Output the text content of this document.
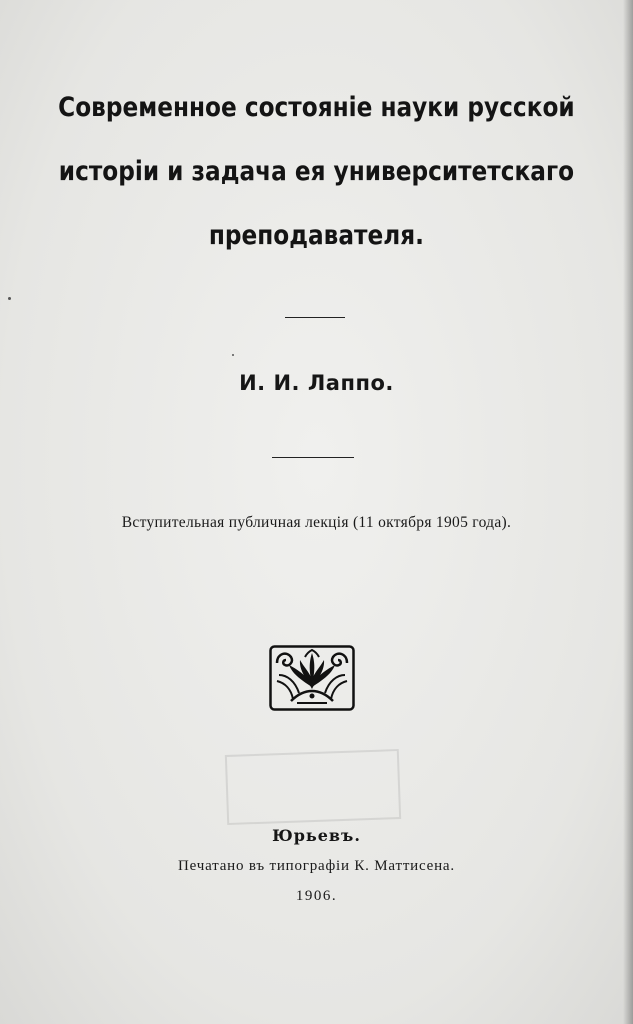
Современное состоянiе науки русской
исторiи и задача ея университетскаго
преподавателя.
И. И. Лаппо.
Вступительная публичная лекцiя (11 октября 1905 года).
Юрьевъ.
Печатано въ типографiи К. Маттисена.
1906.
